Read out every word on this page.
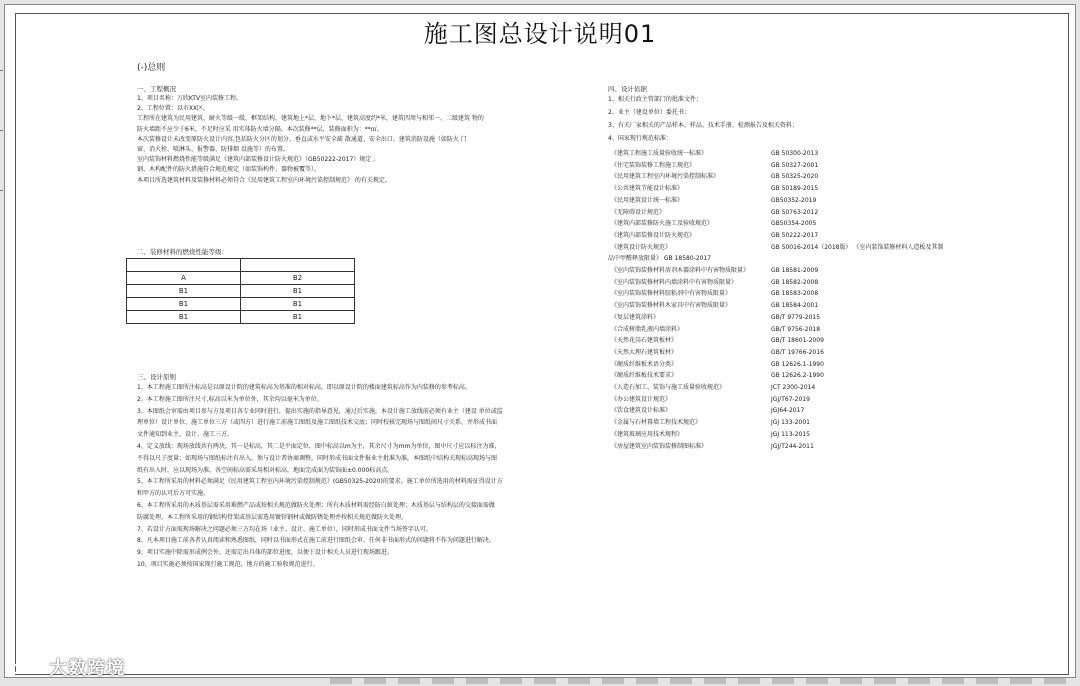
施工图总设计说明01
(-)总则
一、工程概况
1、项目名称：万欣KTV室内装修工程。
2、工程位置：以市XX区。
工程所在建筑为民用建筑，耐火等级一级，框架结构，建筑地上*层，地下*层，建筑高度约*米，建筑四周与相邻一、二级建筑 物的
防火墙距不应少于6米，不足时应采 用实体防火墙分隔。本次装修**层，装修面积为：**㎡。
本次装修设计未改变原防火设计内容,包括防火分区的划分、垂直或水平安全疏 散通道、安全出口、建筑消防设施（如防火 门
窗、消火栓、喷淋头、报警器、防排烟 设施等）的布置。
室内装饰材料燃烧性能等级满足《建筑内部装修设计防火规范》（GB50222-2017）规定 。
钢、木构配件的防火措施符合规范规定（如装饰构件、器物被覆等）。
本项目所选建筑材料及装修材料必须符合《民用建筑工程室内环境污染控制规范》 的有关规定。
二、装修材料的燃烧性能等级：

A	B2
B1	B1
B1	B1
B1	B1
三、设计原则
1、本工程施工图所注标高是以原设计院的建筑标高为基准的相对标高，即以原设计院的楼面建筑标高作为内装修的参考标高。
2、本工程施工图所注尺寸,标高以米为单位外，其余均以毫米为单位。
3、本图纸会审需由项目参与方及项目各专业同时进行，提出实施的指导意见，通过后实施。本设计施工放线前必须有业主（建设 单位或监
理单位）设计单位、施工单位三方（或四方）进行施工前施工图纸及施工图纸技术交底；同时校核完现场与图纸间尺寸关系，并形成书面
文件通知到业主、设计、施工三方。
4、定义放线：现场放线共有两块，其一是标高，其二是平面定位，图中标高以m为主，其余尺寸为mm为单位，图中尺寸应以标注为准，
不得以尺子度量；如现场与图纸标注有出入，须与设计者协商调整，同时形成书面文件报业主批准为准，本图纸中结构关现标高现场与图
纸有出入时，应以现场为准，各空间标高需采用相对标高，地面完成面为装饰面±0.000标高点。
5、本工程所采用的材料必须满足《民用建筑工程室内环境污染控制规范》(GB50325-2020)的要求。施工单位所选用的材料需征得设计方
和甲方的认可后方可实施。
6、本工程所采用的木质基层需采用难燃产品或按相关规范做防火处理；所有木质材料需经防白蚁处理；木质基层与结构层的交接面需做
防腐处理，本工程所采用的钢结构骨架或基层需选用镀锌钢材或做防锈处理并按相关规范做防火处理。
7、若设计方面需现场解决之问题必须三方均在场（业主、设计、施工单位），同时形成书面文件当场签字认可。
8、凡本项目施工前各者认真阅读和熟悉图纸，同时以书面形式在施工前进行图纸会审。任何非书面形式的问题将不作为问题进行解决。
9、项目实施中除需形成例会外，还需定出具体的部位进度，以便于设计相关人员进行现场跟进。
10、项目实施必须按国家现行施工规范、地方的施工验收规范进行。
四、设计依据
1、相关行政主管部门的批准文件；
2、业主（建设单位）委托书；
3、有关厂家相关的产品样本、样品、技术手册、检测报告及相关资料；
4、国家现行规范标准：
《建筑工程施工质量验收统一标准》	GB 50300-2013
《住宅装饰装修工程施工规范》	GB 50327-2001
《民用建筑工程室内环境污染控制标准》	GB 50325-2020
《公共建筑节能设计标准》	GB 50189-2015
《民用建筑设计统一标准》	GB50352-2019
《无障碍设计规范》	GB 50763-2012
《建筑内部装修防火施工及验收规范》	GB50354-2005
《建筑内部装修设计防火规范》	GB 50222-2017
《建筑设计防火规范》	GB 50016-2014（2018版） 《室内装饰装修材料人造板及其制
品中甲醛释放限量》 GB 18580-2017
《室内装饰装修材料溶剂木器涂料中有害物质限量》	GB 18581-2009
《室内装饰装修材料内墙涂料中有害物质限量》	GB 18582-2008
《室内装饰装修材料胶粘剂中有害物质限量》	GB 18583-2008
《室内装饰装修材料木家具中有害物质限量》	GB 18584-2001
《复层建筑涂料》	GB/T 9779-2015
《合成树脂乳液内墙涂料》	GB/T 9756-2018
《天然花岗石建筑板材》	GB/T 18601-2009
《天然大理石建筑板材》	GB/T 19766-2016
《硬质纤维板术语分类》	GB 12626.1-1990
《硬质纤维板技术要求》	GB 12626.2-1990
《人造石加工、装饰与施工质量验收规范》	JCT 2300-2014
《办公建筑设计规范》	JGJ/T67-2019
《饮食建筑设计标准》	JGJ64-2017
《金属与石材幕墙工程技术规范》	JGJ 133-2001
《建筑玻璃应用技术规程》	JGJ 113-2015
《房屋建筑室内装饰装修制图标准》	JGJ/T244-2011
大数跨境
